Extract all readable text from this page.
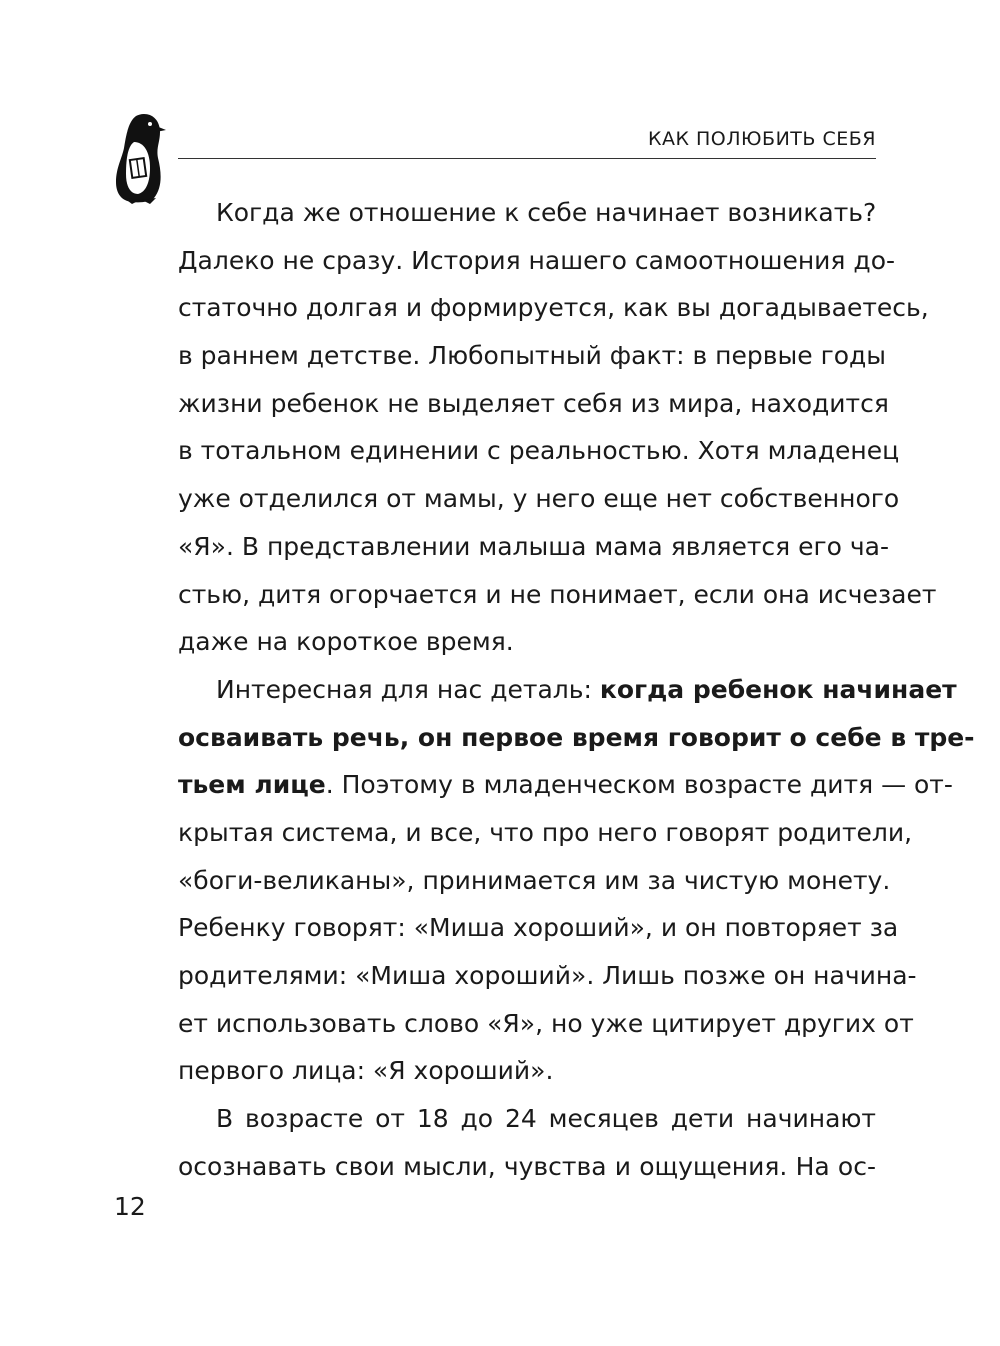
КАК ПОЛЮБИТЬ СЕБЯ
Когда же отношение к себе начинает возникать?
Далеко не сразу. История нашего самоотношения до-
статочно долгая и формируется, как вы догадываетесь,
в раннем детстве. Любопытный факт: в первые годы
жизни ребенок не выделяет себя из мира, находится
в тотальном единении с реальностью. Хотя младенец
уже отделился от мамы, у него еще нет собственного
«Я». В представлении малыша мама является его ча-
стью, дитя огорчается и не понимает, если она исчезает
даже на короткое время.
Интересная для нас деталь: когда ребенок начинает
осваивать речь, он первое время говорит о себе в тре-
тьем лице. Поэтому в младенческом возрасте дитя — от-
крытая система, и все, что про него говорят родители,
«боги-великаны», принимается им за чистую монету.
Ребенку говорят: «Миша хороший», и он повторяет за
родителями: «Миша хороший». Лишь позже он начина-
ет использовать слово «Я», но уже цитирует других от
первого лица: «Я хороший».
В возрасте от 18 до 24 месяцев дети начинают
осознавать свои мысли, чувства и ощущения. На ос-
12
